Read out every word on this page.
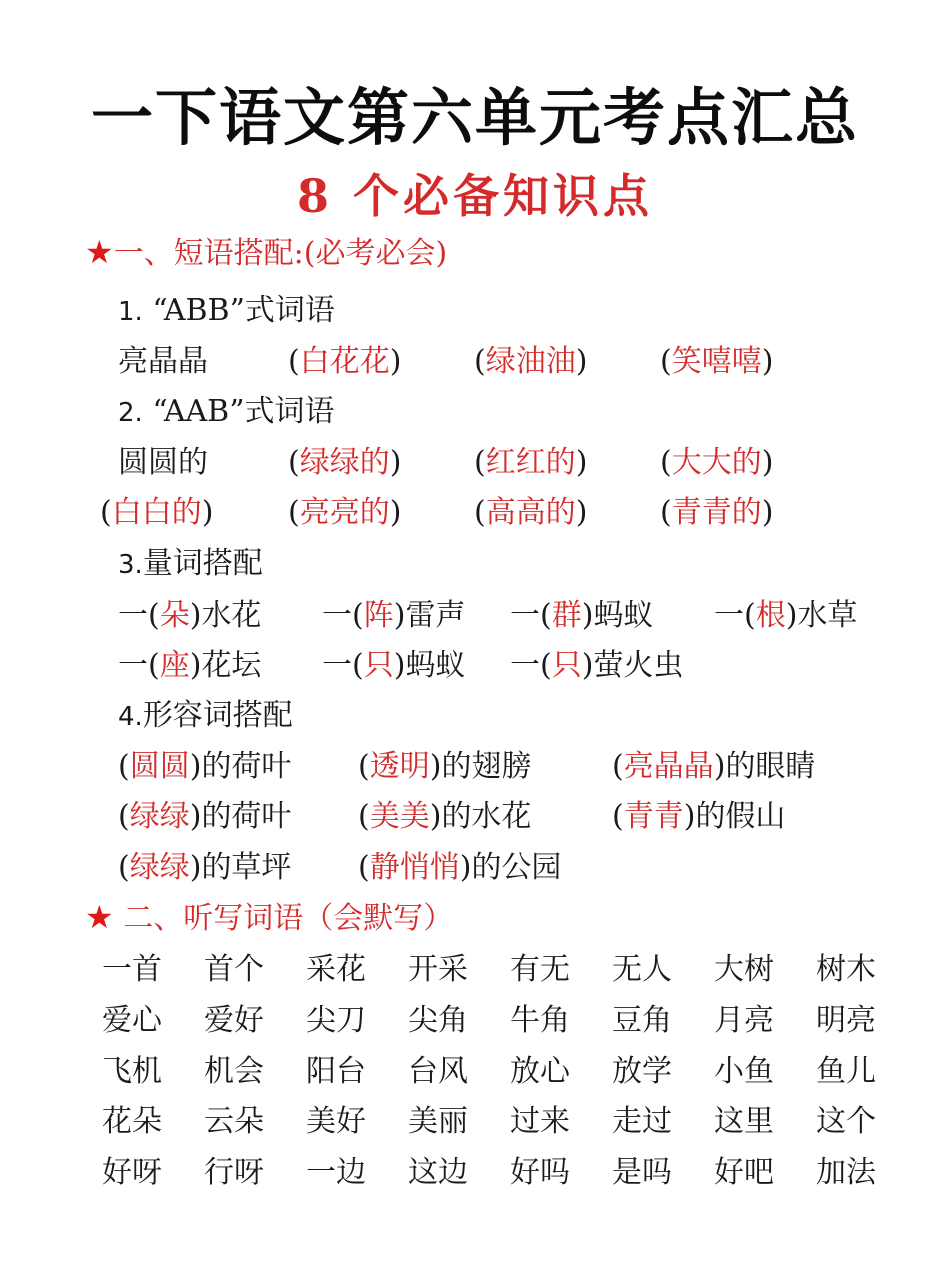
一下语文第六单元考点汇总
8 个必备知识点
★一、短语搭配:(必考必会)
1. “ABB”式词语
亮晶晶	(白花花) (绿油油) (笑嘻嘻)
2. “AAB”式词语
圆圆的	(绿绿的) (红红的) (大大的)
(白白的) (亮亮的) (高高的) (青青的)
3.量词搭配
一(朵)水花 一(阵)雷声 一(群)蚂蚁 一(根)水草
一(座)花坛 一(只)蚂蚁 一(只)萤火虫
4.形容词搭配
(圆圆)的荷叶 (透明)的翅膀	(亮晶晶)的眼睛
(绿绿)的荷叶 (美美)的水花	(青青)的假山
(绿绿)的草坪 (静悄悄)的公园
★ 二、听写词语（会默写）
一首	首个	采花	开采	有无	无人	大树	树木
爱心	爱好	尖刀	尖角	牛角	豆角	月亮	明亮
飞机	机会	阳台	台风	放心	放学	小鱼	鱼儿
花朵	云朵	美好	美丽	过来	走过	这里	这个
好呀	行呀	一边	这边	好吗	是吗	好吧	加法
